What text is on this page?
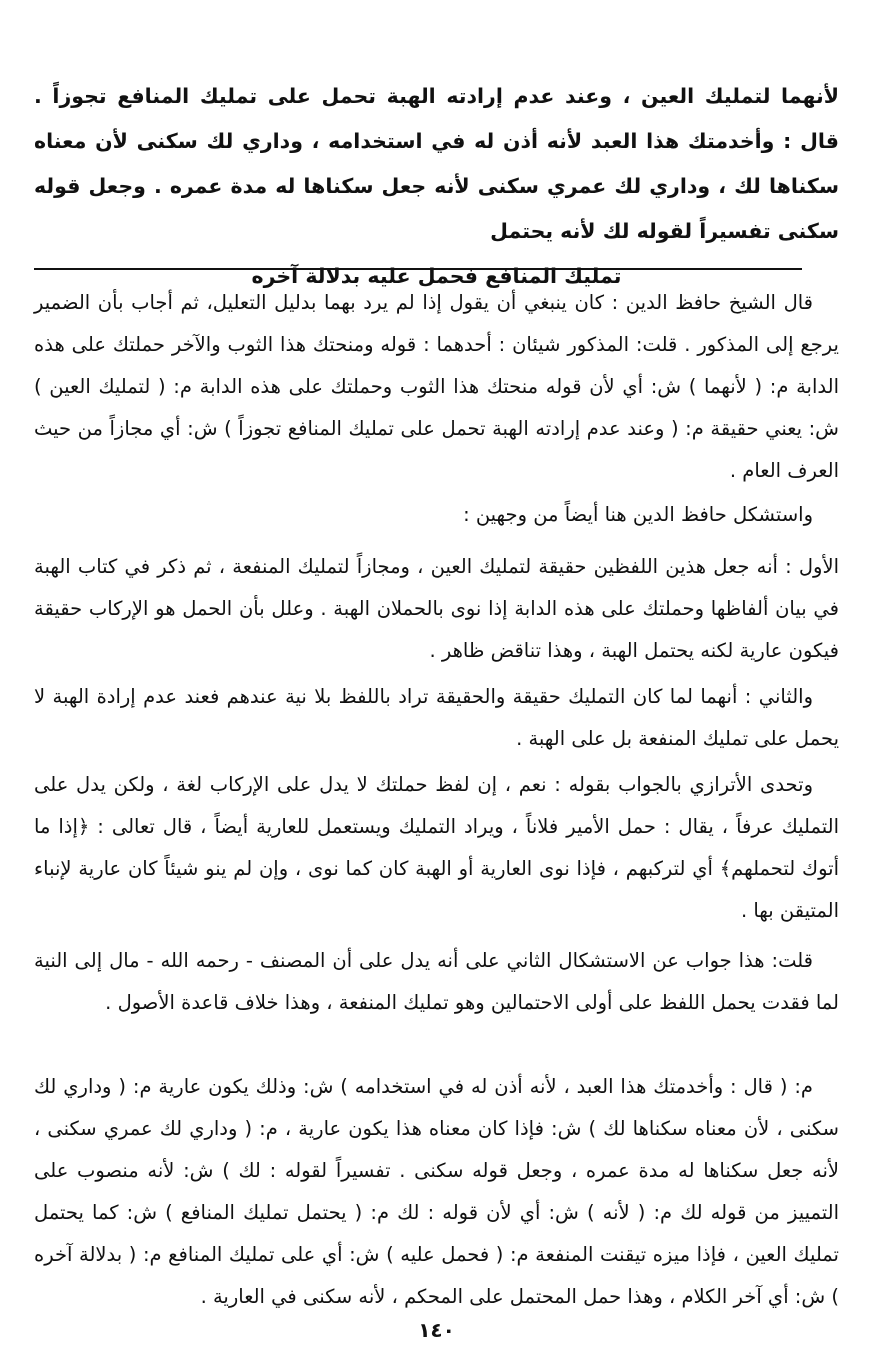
لأنهما لتمليك العين ، وعند عدم إرادته الهبة تحمل على تمليك المنافع تجوزاً . قال : وأخدمتك هذا العبد لأنه أذن له في استخدامه ، وداري لك سكنى لأن معناه سكناها لك ، وداري لك عمري سكنى لأنه جعل سكناها له مدة عمره . وجعل قوله سكنى تفسيراً لقوله لك لأنه يحتمل
تمليك المنافع فحمل عليه بدلالة آخره
قال الشيخ حافظ الدين : كان ينبغي أن يقول إذا لم يرد بهما بدليل التعليل، ثم أجاب بأن الضمير يرجع إلى المذكور . قلت: المذكور شيئان : أحدهما : قوله ومنحتك هذا الثوب والآخر حملتك على هذه الدابة م: ( لأنهما ) ش: أي لأن قوله منحتك هذا الثوب وحملتك على هذه الدابة م: ( لتمليك العين ) ش: يعني حقيقة م: ( وعند عدم إرادته الهبة تحمل على تمليك المنافع تجوزاً ) ش: أي مجازاً من حيث العرف العام .
واستشكل حافظ الدين هنا أيضاً من وجهين :
الأول : أنه جعل هذين اللفظين حقيقة لتمليك العين ، ومجازاً لتمليك المنفعة ، ثم ذكر في كتاب الهبة في بيان ألفاظها وحملتك على هذه الدابة إذا نوى بالحملان الهبة . وعلل بأن الحمل هو الإركاب حقيقة فيكون عارية لكنه يحتمل الهبة ، وهذا تناقض ظاهر .
والثاني : أنهما لما كان التمليك حقيقة والحقيقة تراد باللفظ بلا نية عندهم فعند عدم إرادة الهبة لا يحمل على تمليك المنفعة بل على الهبة .
وتحدى الأترازي بالجواب بقوله : نعم ، إن لفظ حملتك لا يدل على الإركاب لغة ، ولكن يدل على التمليك عرفاً ، يقال : حمل الأمير فلاناً ، ويراد التمليك ويستعمل للعارية أيضاً ، قال تعالى : ﴿إذا ما أتوك لتحملهم﴾ أي لتركبهم ، فإذا نوى العارية أو الهبة كان كما نوى ، وإن لم ينو شيئاً كان عارية لإنباء المتيقن بها .
قلت: هذا جواب عن الاستشكال الثاني على أنه يدل على أن المصنف - رحمه الله - مال إلى النية لما فقدت يحمل اللفظ على أولى الاحتمالين وهو تمليك المنفعة ، وهذا خلاف قاعدة الأصول .
م: ( قال : وأخدمتك هذا العبد ، لأنه أذن له في استخدامه ) ش: وذلك يكون عارية م: ( وداري لك سكنى ، لأن معناه سكناها لك ) ش: فإذا كان معناه هذا يكون عارية ، م: ( وداري لك عمري سكنى ، لأنه جعل سكناها له مدة عمره ، وجعل قوله سكنى . تفسيراً لقوله : لك ) ش: لأنه منصوب على التمييز من قوله لك م: ( لأنه ) ش: أي لأن قوله : لك م: ( يحتمل تمليك المنافع ) ش: كما يحتمل تمليك العين ، فإذا ميزه تيقنت المنفعة م: ( فحمل عليه ) ش: أي على تمليك المنافع م: ( بدلالة آخره ) ش: أي آخر الكلام ، وهذا حمل المحتمل على المحكم ، لأنه سكنى في العارية .
١٤٠
